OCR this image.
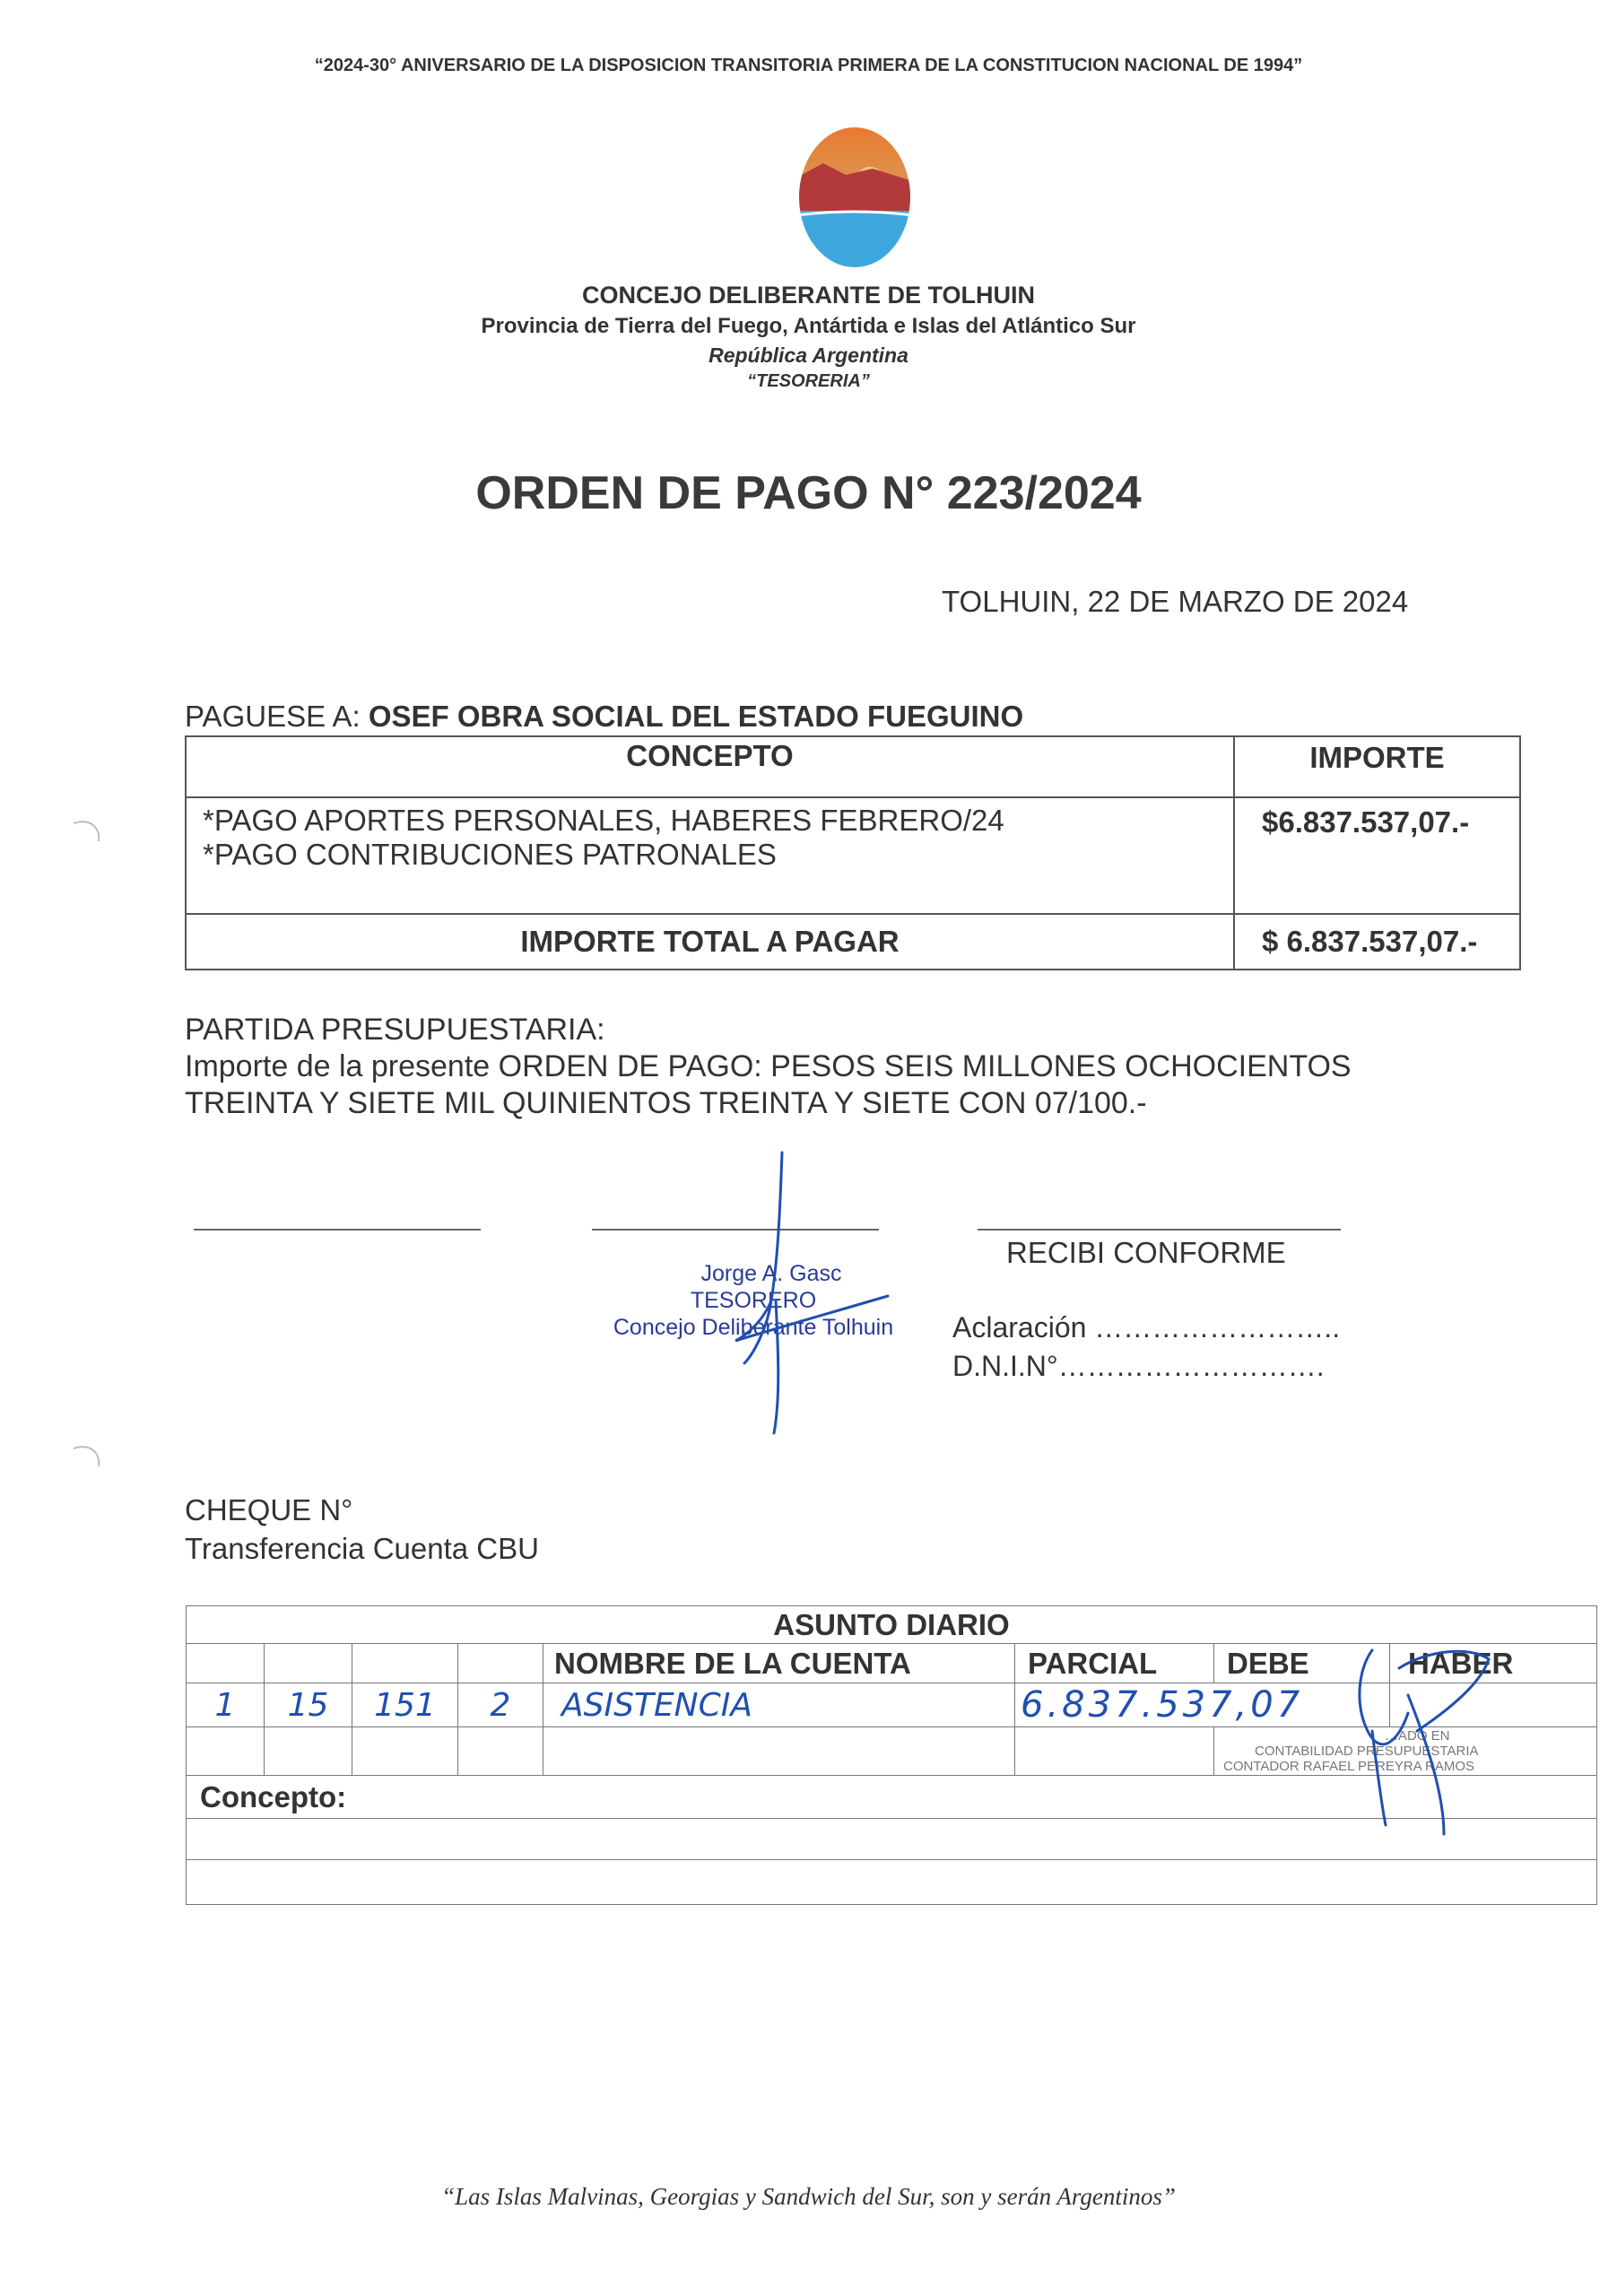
“2024-30° ANIVERSARIO DE LA DISPOSICION TRANSITORIA PRIMERA DE LA CONSTITUCION NACIONAL DE 1994”
CONCEJO DELIBERANTE DE TOLHUIN
Provincia de Tierra del Fuego, Antártida e Islas del Atlántico Sur
República Argentina
“TESORERIA”
ORDEN DE PAGO N° 223/2024
TOLHUIN, 22 DE MARZO DE 2024
PAGUESE A: OSEF OBRA SOCIAL DEL ESTADO FUEGUINO
CONCEPTO	IMPORTE

*PAGO APORTES PERSONALES, HABERES FEBRERO/24
*PAGO CONTRIBUCIONES PATRONALES	$6.837.537,07.-
IMPORTE TOTAL A PAGAR	$ 6.837.537,07.-
PARTIDA PRESUPUESTARIA:
Importe de la presente ORDEN DE PAGO: PESOS SEIS MILLONES OCHOCIENTOS
TREINTA Y SIETE MIL QUINIENTOS TREINTA Y SIETE CON 07/100.-
Jorge A. Gasc
TESORERO
Concejo Deliberante Tolhuin
RECIBI CONFORME
Aclaración ……………………..
D.N.I.N°……………………….
CHEQUE N°
Transferencia Cuenta CBU
ASUNTO DIARIO							
				NOMBRE DE LA CUENTA	PARCIAL	DEBE	HABER
1	15	151	2	ASISTENCIA	6.837.537,07		

						…ADO EN
CONTABILIDAD PRESUPUESTARIA
CONTADOR RAFAEL PEREYRA RAMOS	

Concepto:							

“Las Islas Malvinas, Georgias y Sandwich del Sur, son y serán Argentinos”
